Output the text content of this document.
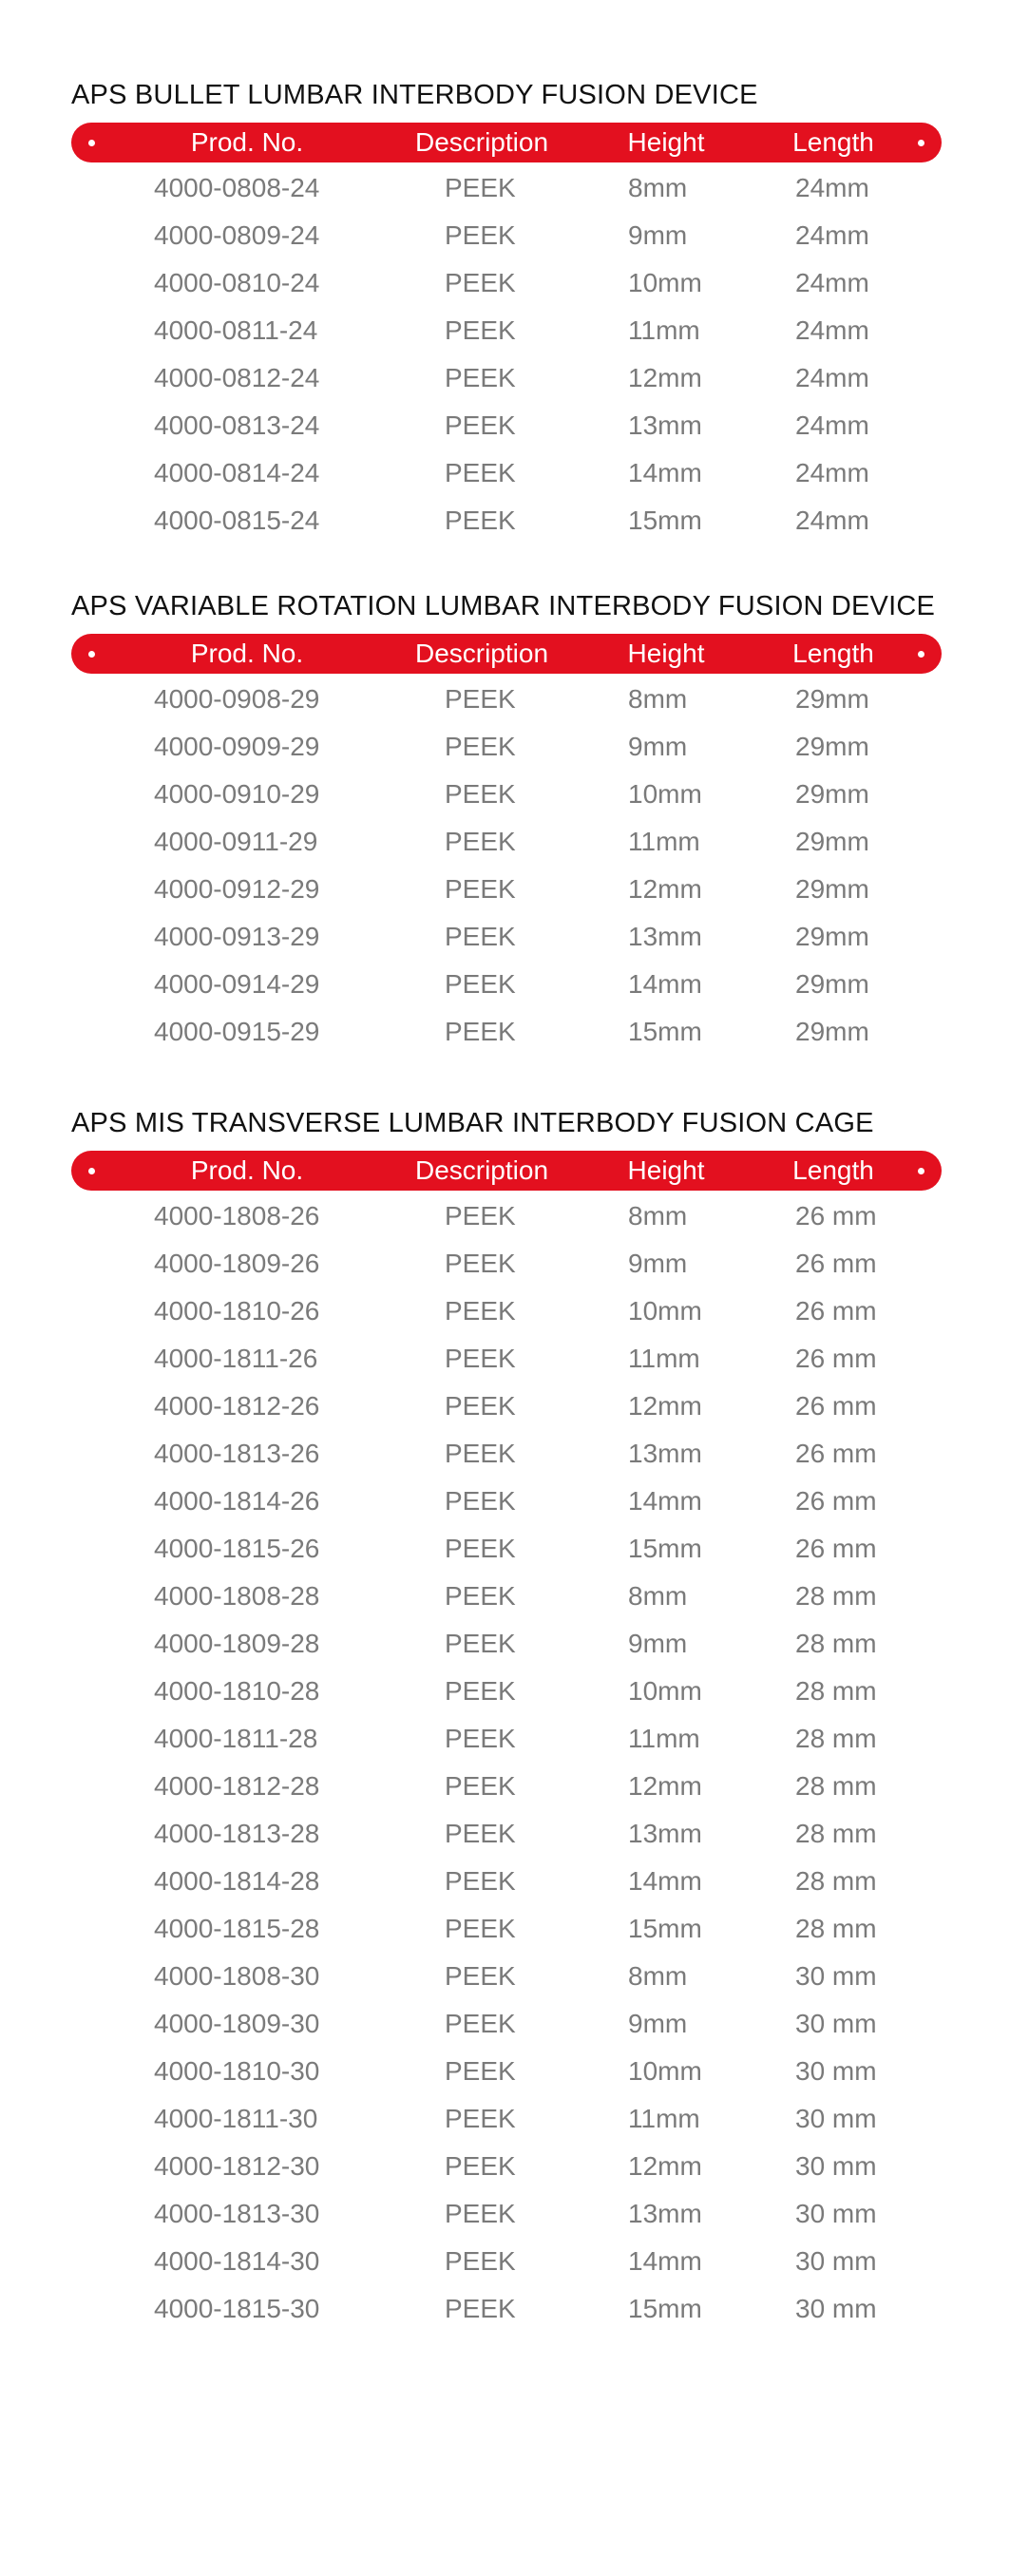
APS BULLET LUMBAR INTERBODY FUSION DEVICE
Prod. No.	Description	Height	Length
4000-0808-24	PEEK	8mm	24mm
4000-0809-24	PEEK	9mm	24mm
4000-0810-24	PEEK	10mm	24mm
4000-0811-24	PEEK	11mm	24mm
4000-0812-24	PEEK	12mm	24mm
4000-0813-24	PEEK	13mm	24mm
4000-0814-24	PEEK	14mm	24mm
4000-0815-24	PEEK	15mm	24mm
APS VARIABLE ROTATION LUMBAR INTERBODY FUSION DEVICE
Prod. No.	Description	Height	Length
4000-0908-29	PEEK	8mm	29mm
4000-0909-29	PEEK	9mm	29mm
4000-0910-29	PEEK	10mm	29mm
4000-0911-29	PEEK	11mm	29mm
4000-0912-29	PEEK	12mm	29mm
4000-0913-29	PEEK	13mm	29mm
4000-0914-29	PEEK	14mm	29mm
4000-0915-29	PEEK	15mm	29mm
APS MIS TRANSVERSE LUMBAR INTERBODY FUSION CAGE
Prod. No.	Description	Height	Length
4000-1808-26	PEEK	8mm	26 mm
4000-1809-26	PEEK	9mm	26 mm
4000-1810-26	PEEK	10mm	26 mm
4000-1811-26	PEEK	11mm	26 mm
4000-1812-26	PEEK	12mm	26 mm
4000-1813-26	PEEK	13mm	26 mm
4000-1814-26	PEEK	14mm	26 mm
4000-1815-26	PEEK	15mm	26 mm
4000-1808-28	PEEK	8mm	28 mm
4000-1809-28	PEEK	9mm	28 mm
4000-1810-28	PEEK	10mm	28 mm
4000-1811-28	PEEK	11mm	28 mm
4000-1812-28	PEEK	12mm	28 mm
4000-1813-28	PEEK	13mm	28 mm
4000-1814-28	PEEK	14mm	28 mm
4000-1815-28	PEEK	15mm	28 mm
4000-1808-30	PEEK	8mm	30 mm
4000-1809-30	PEEK	9mm	30 mm
4000-1810-30	PEEK	10mm	30 mm
4000-1811-30	PEEK	11mm	30 mm
4000-1812-30	PEEK	12mm	30 mm
4000-1813-30	PEEK	13mm	30 mm
4000-1814-30	PEEK	14mm	30 mm
4000-1815-30	PEEK	15mm	30 mm
